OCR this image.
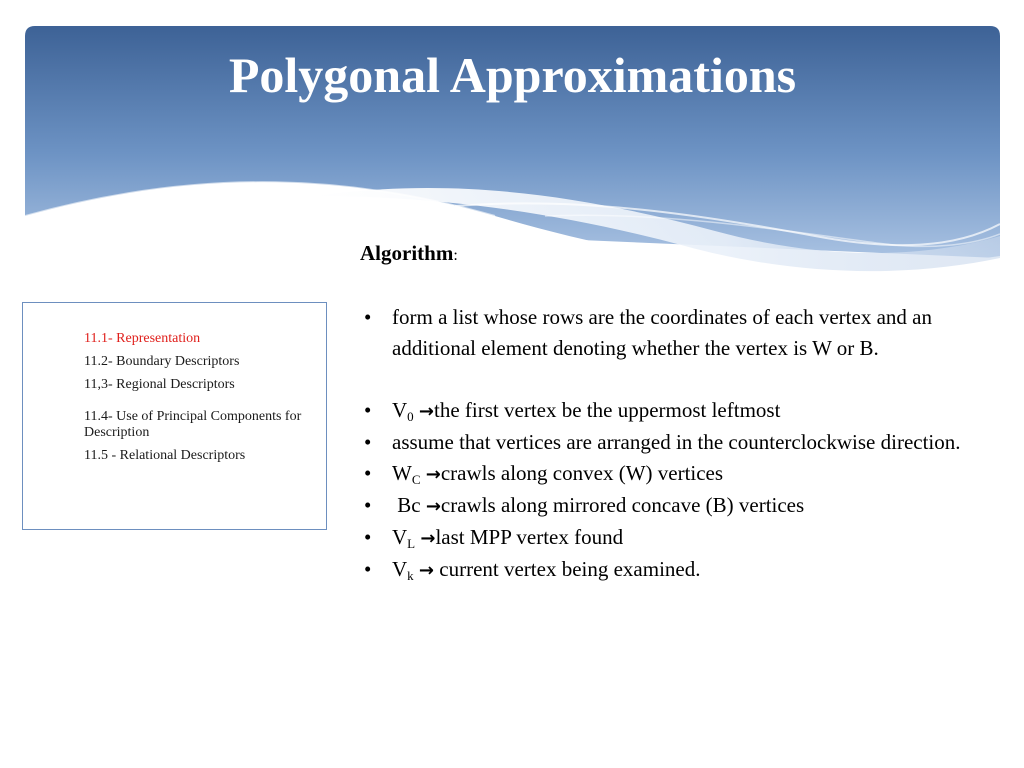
Polygonal Approximations
11.1- Representation
11.2- Boundary Descriptors
11,3- Regional Descriptors
11.4- Use of Principal Components for Description
11.5 - Relational Descriptors

Algorithm:

• form a list whose rows are the coordinates of each vertex and an additional element denoting whether the vertex is W or B.
• $V_0 \to the$ first vertex be the uppermost leftmost
• assume that vertices are arranged in the counterclockwise direction.
• $W_C$ →crawls along convex (W) vertices
•  Bc →crawls along mirrored concave (B) vertices
• $V_L$ →last MPP vertex found
• $V_k$ → current vertex being examined.
